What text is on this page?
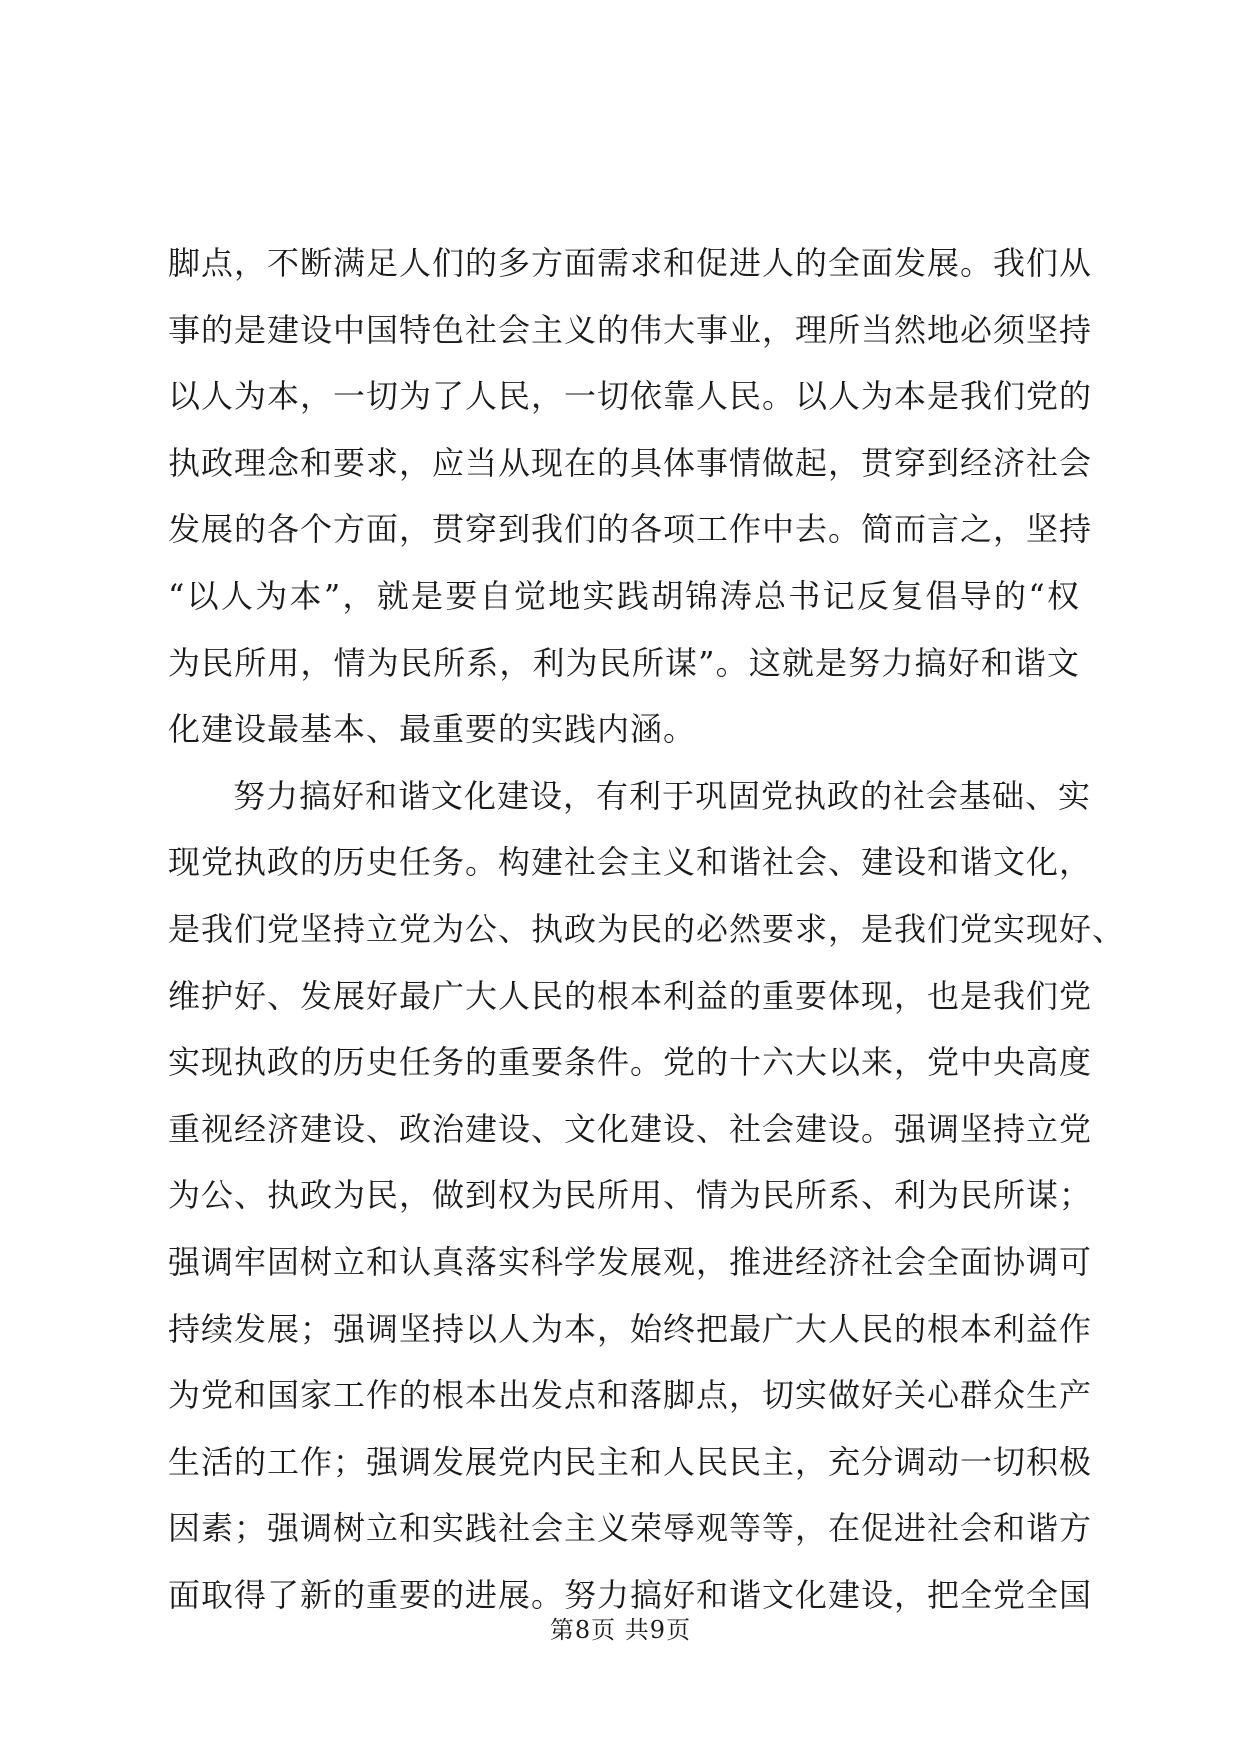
脚点，不断满足人们的多方面需求和促进人的全面发展。我们从
事的是建设中国特色社会主义的伟大事业，理所当然地必须坚持
以人为本，一切为了人民，一切依靠人民。以人为本是我们党的
执政理念和要求，应当从现在的具体事情做起，贯穿到经济社会
发展的各个方面，贯穿到我们的各项工作中去。简而言之，坚持
“以人为本”，就是要自觉地实践胡锦涛总书记反复倡导的“权
为民所用，情为民所系，利为民所谋”。这就是努力搞好和谐文
化建设最基本、最重要的实践内涵。
努力搞好和谐文化建设，有利于巩固党执政的社会基础、实
现党执政的历史任务。构建社会主义和谐社会、建设和谐文化，
是我们党坚持立党为公、执政为民的必然要求，是我们党实现好、
维护好、发展好最广大人民的根本利益的重要体现，也是我们党
实现执政的历史任务的重要条件。党的十六大以来，党中央高度
重视经济建设、政治建设、文化建设、社会建设。强调坚持立党
为公、执政为民，做到权为民所用、情为民所系、利为民所谋；
强调牢固树立和认真落实科学发展观，推进经济社会全面协调可
持续发展；强调坚持以人为本，始终把最广大人民的根本利益作
为党和国家工作的根本出发点和落脚点，切实做好关心群众生产
生活的工作；强调发展党内民主和人民民主，充分调动一切积极
因素；强调树立和实践社会主义荣辱观等等，在促进社会和谐方
面取得了新的重要的进展。努力搞好和谐文化建设，把全党全国
第8页 共9页
